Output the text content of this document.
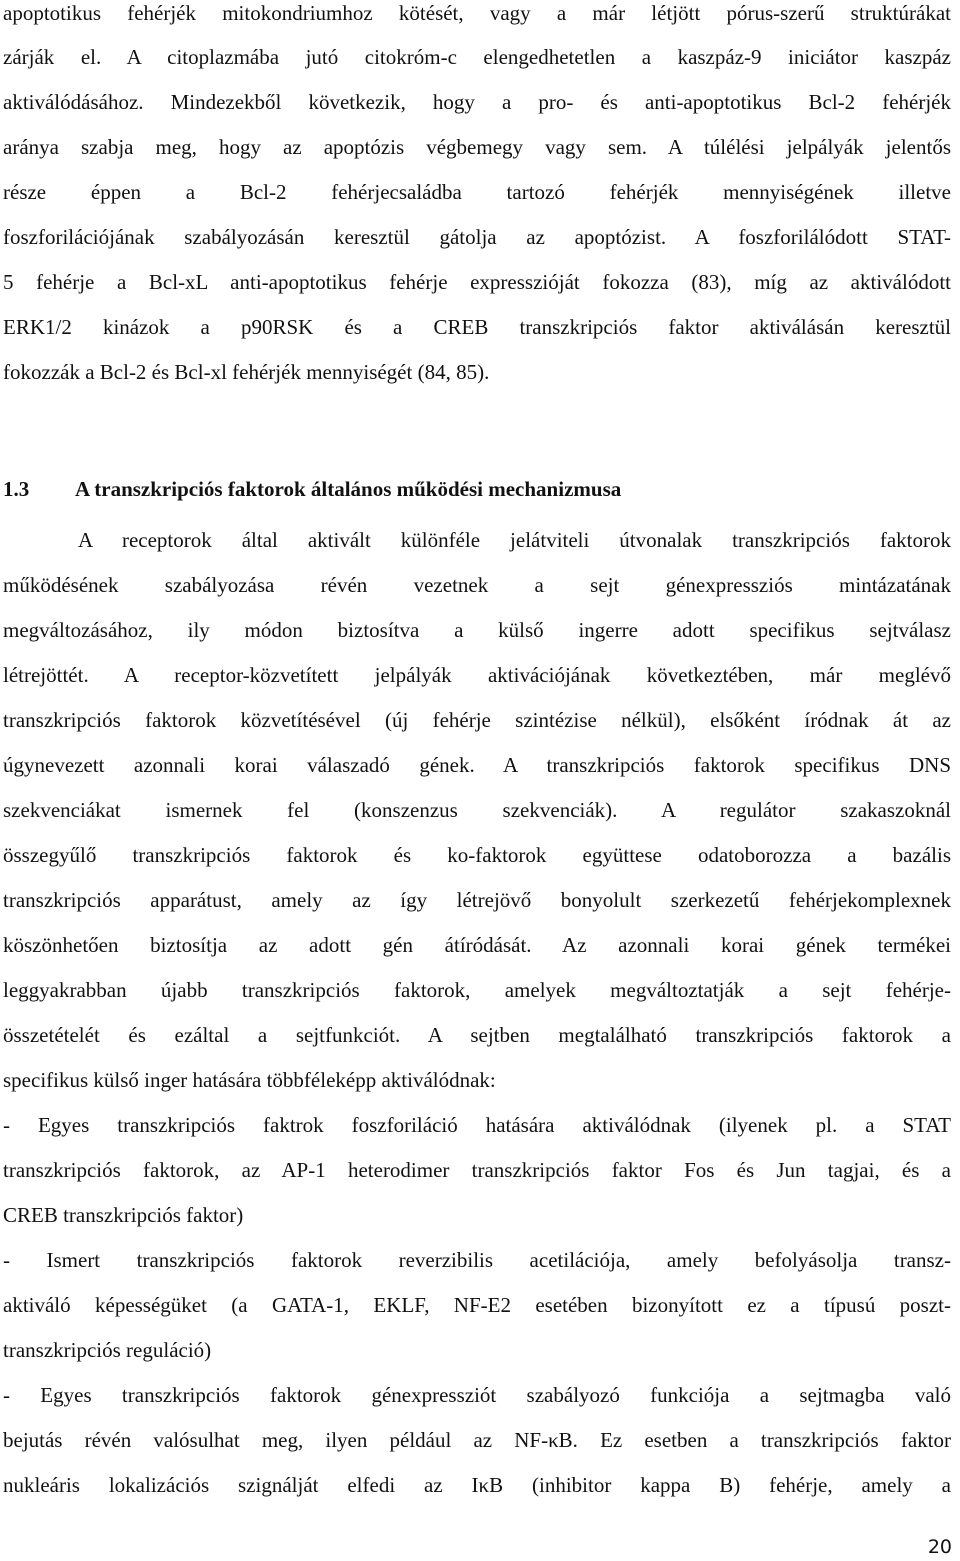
apoptotikus fehérjék mitokondriumhoz kötését, vagy a már létjött pórus-szerű struktúrákat
zárják el. A citoplazmába jutó citokróm-c elengedhetetlen a kaszpáz-9 iniciátor kaszpáz
aktiválódásához. Mindezekből következik, hogy a pro- és anti-apoptotikus Bcl-2 fehérjék
aránya szabja meg, hogy az apoptózis végbemegy vagy sem. A túlélési jelpályák jelentős
része éppen a Bcl-2 fehérjecsaládba tartozó fehérjék mennyiségének illetve
foszforilációjának szabályozásán keresztül gátolja az apoptózist. A foszforilálódott STAT-
5 fehérje a Bcl-xL anti-apoptotikus fehérje expresszióját fokozza (83), míg az aktiválódott
ERK1/2 kinázok a p90RSK és a CREB transzkripciós faktor aktiválásán keresztül
fokozzák a Bcl-2 és Bcl-xl fehérjék mennyiségét (84, 85).
1.3 A transzkripciós faktorok általános működési mechanizmusa
A receptorok által aktivált különféle jelátviteli útvonalak transzkripciós faktorok
működésének szabályozása révén vezetnek a sejt génexpressziós mintázatának
megváltozásához, ily módon biztosítva a külső ingerre adott specifikus sejtválasz
létrejöttét. A receptor-közvetített jelpályák aktivációjának következtében, már meglévő
transzkripciós faktorok közvetítésével (új fehérje szintézise nélkül), elsőként íródnak át az
úgynevezett azonnali korai válaszadó gének. A transzkripciós faktorok specifikus DNS
szekvenciákat ismernek fel (konszenzus szekvenciák). A regulátor szakaszoknál
összegyűlő transzkripciós faktorok és ko-faktorok együttese odatoborozza a bazális
transzkripciós apparátust, amely az így létrejövő bonyolult szerkezetű fehérjekomplexnek
köszönhetően biztosítja az adott gén átíródását. Az azonnali korai gének termékei
leggyakrabban újabb transzkripciós faktorok, amelyek megváltoztatják a sejt fehérje-
összetételét és ezáltal a sejtfunkciót. A sejtben megtalálható transzkripciós faktorok a
specifikus külső inger hatására többféleképp aktiválódnak:
- Egyes transzkripciós faktrok foszforiláció hatására aktiválódnak (ilyenek pl. a STAT
transzkripciós faktorok, az AP-1 heterodimer transzkripciós faktor Fos és Jun tagjai, és a
CREB transzkripciós faktor)
- Ismert transzkripciós faktorok reverzibilis acetilációja, amely befolyásolja transz-
aktiváló képességüket (a GATA-1, EKLF, NF-E2 esetében bizonyított ez a típusú poszt-
transzkripciós reguláció)
- Egyes transzkripciós faktorok génexpressziót szabályozó funkciója a sejtmagba való
bejutás révén valósulhat meg, ilyen például az NF-κB. Ez esetben a transzkripciós faktor
nukleáris lokalizációs szignálját elfedi az IκB (inhibitor kappa B) fehérje, amely a
20
